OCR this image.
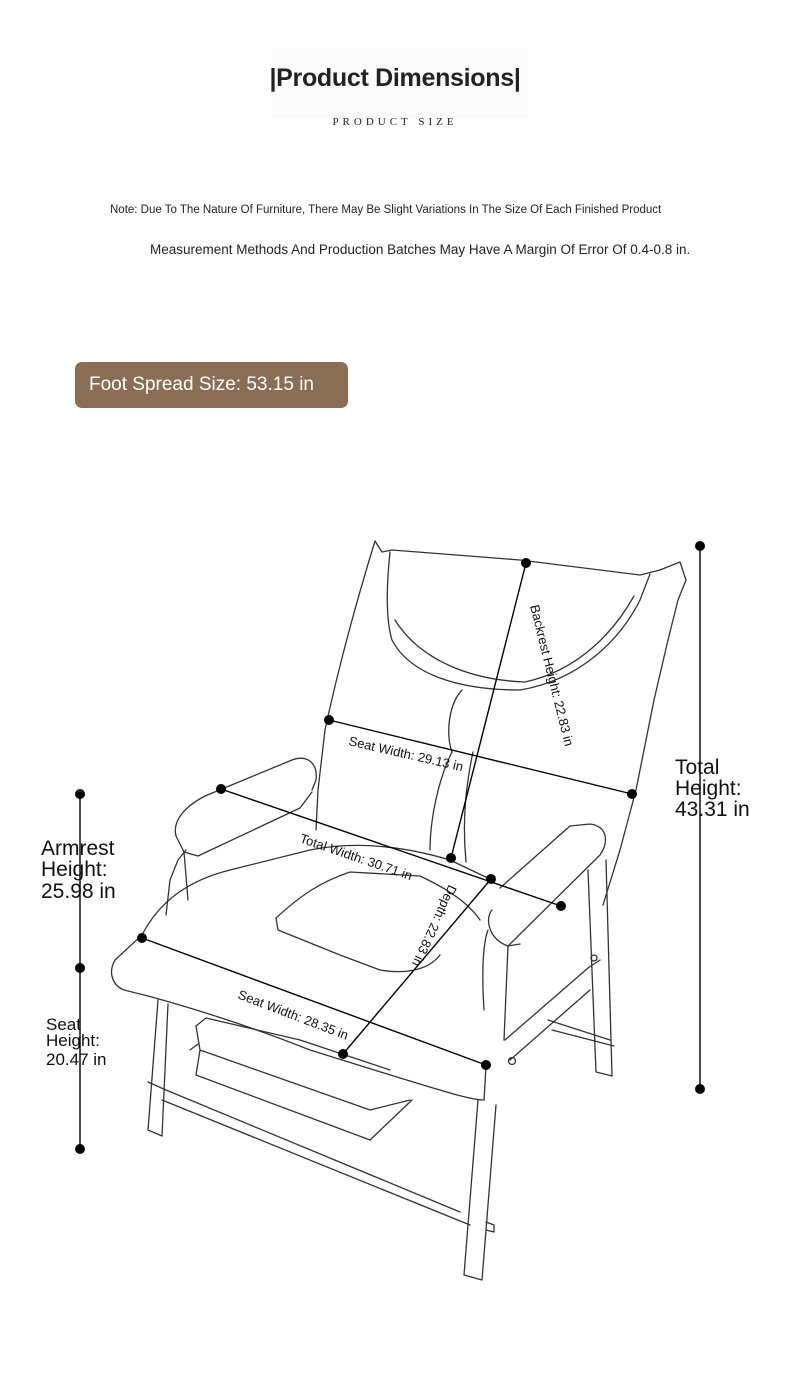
|Product Dimensions|
PRODUCT SIZE
Note: Due To The Nature Of Furniture, There May Be Slight Variations In The Size Of Each Finished Product
Measurement Methods And Production Batches May Have A Margin Of Error Of 0.4-0.8 in.
Foot Spread Size: 53.15 in
Backrest Height: 22.83 in
Seat Width: 29.13 in
Total Width: 30.71 in
Depth: 22.83 in
Seat Width: 28.35 in
Total Height: 43.31 in
Armrest Height: 25.98 in
Seat Height: 20.47 in
